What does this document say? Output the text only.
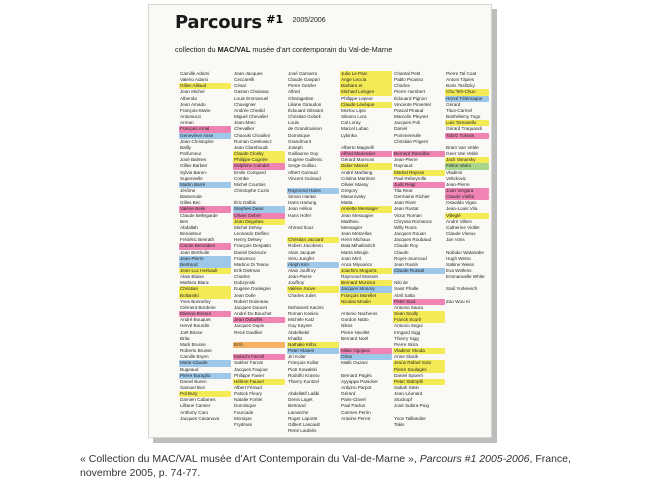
Parcours $^{\#1}$ $^{2005/2006}$
collection du MAC/VAL musée d'art contemporain du Val-de-Marne
Camille Adami
Valerio Adami
Gilles Aillaud
Jean Michel
Alberola
Jean Amado
François-Marie
Antoniucci
Arman
François Arnal
Geneviève Asse
Jean-Christophe
Bailly
Parfumeur
José Balmes
Gilles Barbier
Sylvia Baron-
Supervielle
Martin Barré
Jérôme
Basserode
Gilles Bec
Valérie Belin
Claude Bellegarde
Ben
Abdallah
Benanteur
Frédéric Benrath
Carole Benzaken
Jean Bertholle
Jean-Pierre
Bertrand
Jean-Luc Herbault
Alain Blaise
Mathieu Blanc
Christian
Boltanski
Yves Bonnefoy
Clément Borderie
Etienne Bossut
André Bouquet
Hervé Bourdin
Joël Brisse
Brita
Mark Brusse
Roberto Brusse
Camille Bryen
Marie-Claude
Bugeaud
Pierre Buraglio
Daniel Buren
Samuel Buri
Pol Bury
Damien Cabanes
Lilliane Camier
Anthony Caro
Jacques Casanova
Jean-Jacques
Ceccarelli
César
Gaston Chaissac
Louis Emmanuel
Chavignier
Andrée Chedid
Miguel Chevalier
Jean-Marc
Chevallier
Chaouki Chouikni
Roman Cieslewicz
Jean Clareboudt
Claude Closky
Philippe Cognée
Delphine Coindet
Emile Compard
Combe
Michel Courtois
Christophe Cuzin
Éric Dalbis
Stephen Dean
Olivier Debré
Jean Degottex
Michel Dehay
Leonardo Delfino
Henry Delsey
François Despatin
Daniel Dezeuze
Francesco
Martino Di Teana
Erik Dietman
Charles
Dobzynski
Eugène Dodeigne
Jean Dolle
Robert Doisneau
Jacques Doucet
André Du Bouchet
Jean Dubuffet
Jacques Dupin
René Duvillier
Erró
Malachi Farrell
Sakher Farzat
Jacques Faujour
Philippe Favier
Hélène Fauvel
Albert Féraud
Patrick Fleury
Natalie Fortier
Dominique
Fourcade
Monique
Frydman
José Gamarra
Claude Gaspari
Pierre Getzler
Alfred
Gharagetian
Liliane Giraudon
Édouard Glissant
Christian Gobeli
Louis
de Grandmaison
Dominique
Grandmont
Joseph
Guillaume Guy
Eugène Guillevic
Serge Guillou
Albert Guiraud
Vincent Guiraud
Raymond Hains
Simon Hantaï
Hans Hartung
Jean Hélion
Hans Hofer
Ahmed Ilouz
Christian Jaccard
Robert Jacobsen
Alain Jacquet
Seru Jungfer
Aleph Kim
Alain Jouffroy
Jean-Pierre
Jouffroy
Valérie Jouve
Charles Juliet
Mohamed Kacimi
Roman Kanieu
Michèle Katz
Guy Kayser
Abdelkebir
Khatibi
Nathalie Kilbo
Peter Klasen
Jiri Kolar
François Kollar
Piotr Kowalski
Rodolfo Krasno
Thierry Kuntzel
Abdellatif Laâbi
Denis Laget
Bertrand
Lamarche
Roger Laporte
Gilbert Lascault
René Laubiès
Julio Le Parc
Ange Leccia
Barbara et
Michael Leisgen
Philippe Lepeut
Claude Lévêque
Mortoc Lipsi
Silvano Lora
Cal Loray
Marcel Lubac
Lybinka
Alberto Magnelli
Alfred Manessier
Gérard Mannoni
Didier Marcel
André Marfaing
Cristina Martinez
Olivier Massy
Gregory
Masurovsky
Matta
Annette Messager
Jean Messagier
Matthieu
Messagier
Jean Metzellus
Henri Michaux
Bala Mihailovitch
Marta Minujin
Joan Miró
Anca Miyoarics
Joachim Mogarra
Raymond Moisset
Bernard Moninot
Jacques Monory
François Morellet
Nicolas Moulin
Antonio Nacheros
Gordon Natto
Nikos
Pierre Nivollet
Bernard Noël
Milan Ognjanc
Orlan
Malik Ouzani
Bernard Pagès
Ayyappa Panicker
Ardyino Parpot
Gérard
Paris-Clavel
Paul Pavlos
Carmen Perrin
Antoine Perrot
Chantal Petit
Pablo Picasso
Charles
Pierre Humbert
Édouard Pignon
Vincente Pimentel
Pascal Pinaud
Marcelin Pleynet
Jacques Poli
Daniel
Pommereulle
Christian Prigent
Bernard Rancillac
Jean-Pierre
Raynaud
Martial Raysse
Paul Rebeyrolle
Judit Reigl
Tita Reut
Germaine Richier
Jean Rivet
Jean Rustat
Victor Roman
Chryssa Romanos
Willy Ronis
Jacques Rouan
Jacques Roubaud
Claude Roy
Claude
Royet-Journoud
Jean Rustin
Claude Rutault
Niki de
Saint Phalle
Abril Salta
Peter Saul
Antonio Saura
Sean Scully
Franck Scurti
Antonio Segui
Irmgard Sigg
Thierry Sigg
Pierre Skira
Vladimir Skoda
Anne Slacik
Jesús Rafael Soto
Pierre Soulages
Daniel Spoerri
Peter Stämpfli
Sabah Stein
Jean-Léonard
Stockopf
José Subira-Puig
Yvon Taillandier
Takis
Pierre Tal Coat
Antoni Tàpies
Boris Taslitzky
Chu Teh-Chun
Hervé Télémaque
Gérard
Titus-Carmel
Barthélemy Togo
Luis Tomasello
Gérard Traquandi
Tabriz Tukvas
Bram Van Velde
Geer Van Velde
Jack Vanarsky
Felice Varini
Vladimir
Velickovic
Jean-Pierre
Joan Vergara
Claude Viallat
Oswaldo Vigas
Jean-Louis Vila
Villeglé
André Villers
Catherine Viollet
Claude Viseux
Jan Voss
Nobuko Watanabe
Hugh Weiss
Sabine Weiss
Eva Wellens
Emmanuelle White
Saúl Yurkievich
Zao Wou Ki
« Collection du MAC/VAL musée d'Art Contemporain du Val-de-Marne », Parcours #1 2005-2006, France, novembre 2005, p. 74-77.
